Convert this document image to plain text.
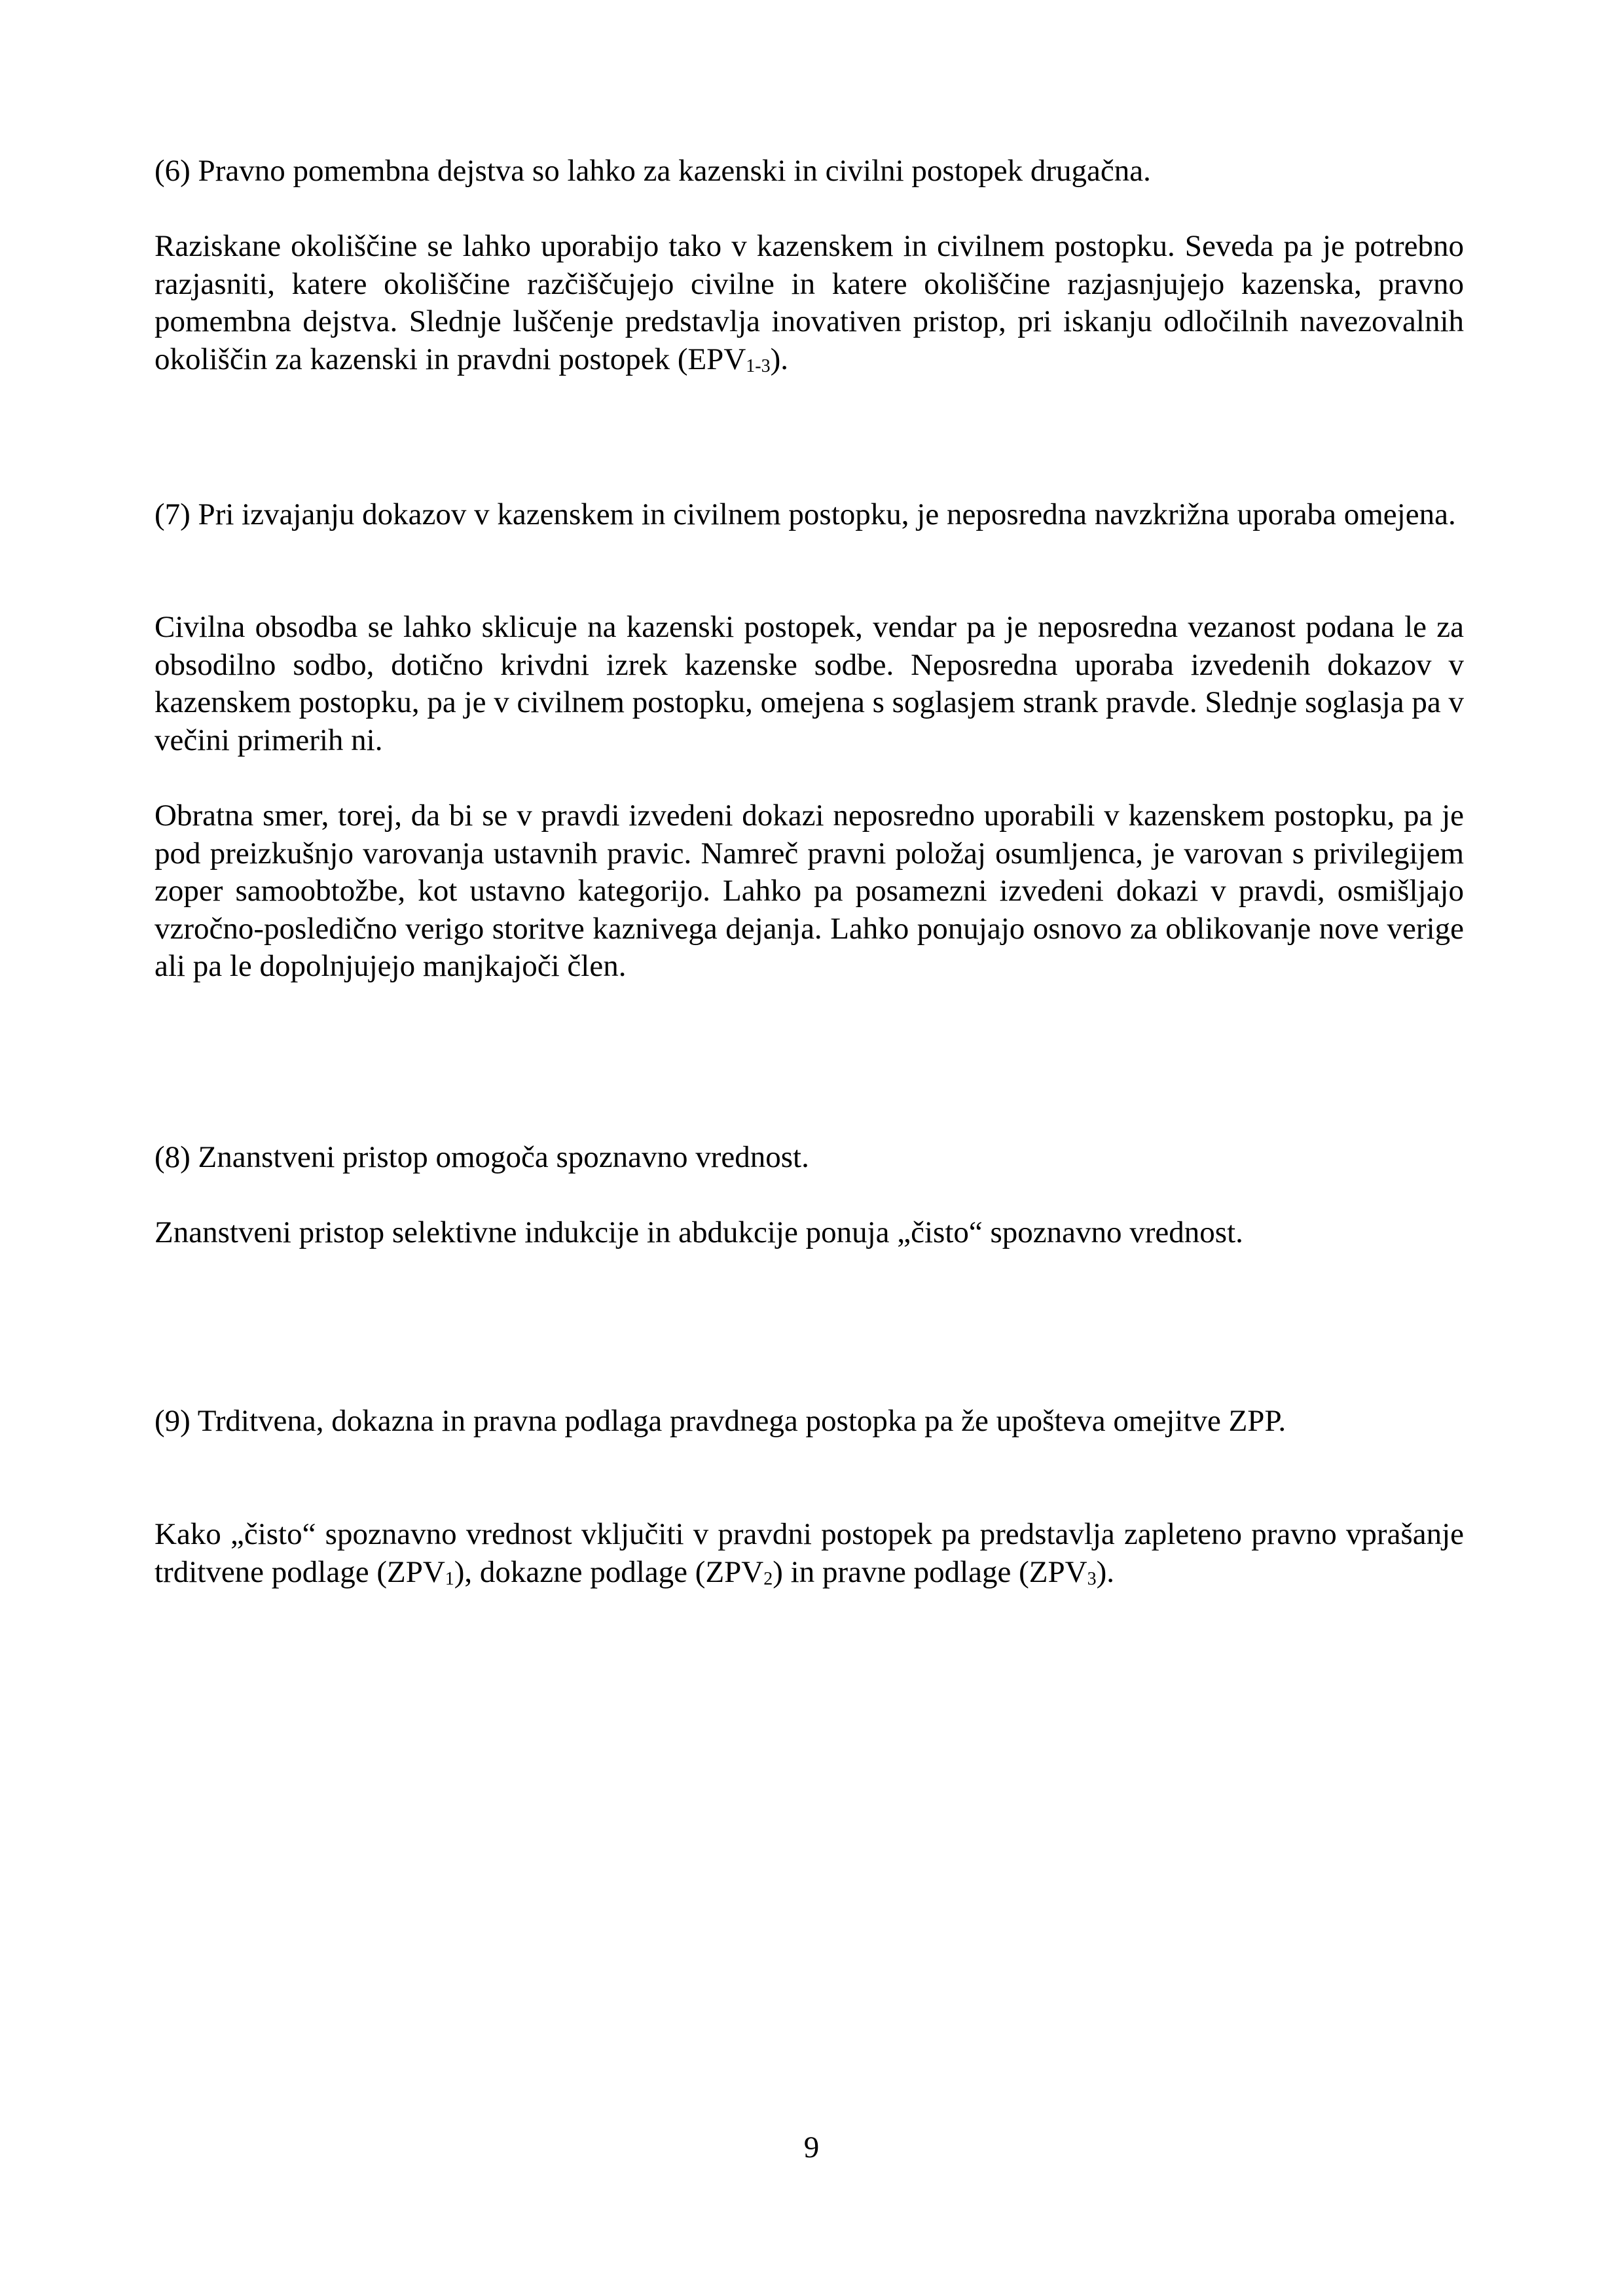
(6) Pravno pomembna dejstva so lahko za kazenski in civilni postopek drugačna.

Raziskane okoliščine se lahko uporabijo tako v kazenskem in civilnem postopku. Seveda pa je potrebno razjasniti, katere okoliščine razčiščujejo civilne in katere okoliščine razjasnjujejo kazenska, pravno pomembna dejstva. Slednje luščenje predstavlja inovativen pristop, pri iskanju odločilnih navezovalnih okoliščin za kazenski in pravdni postopek $(EPV_{1-3})$.

(7) Pri izvajanju dokazov v kazenskem in civilnem postopku, je neposredna navzkrižna uporaba omejena.

Civilna obsodba se lahko sklicuje na kazenski postopek, vendar pa je neposredna vezanost podana le za obsodilno sodbo, dotično krivdni izrek kazenske sodbe. Neposredna uporaba izvedenih dokazov v kazenskem postopku, pa je v civilnem postopku, omejena s soglasjem strank pravde. Slednje soglasja pa v večini primerih ni.

Obratna smer, torej, da bi se v pravdi izvedeni dokazi neposredno uporabili v kazenskem postopku, pa je pod preizkušnjo varovanja ustavnih pravic. Namreč pravni položaj osumljenca, je varovan s privilegijem zoper samoobtožbe, kot ustavno kategorijo. Lahko pa posamezni izvedeni dokazi v pravdi, osmišljajo vzročno-posledično verigo storitve kaznivega dejanja. Lahko ponujajo osnovo za oblikovanje nove verige ali pa le dopolnjujejo manjkajoči člen.

(8) Znanstveni pristop omogoča spoznavno vrednost.

Znanstveni pristop selektivne indukcije in abdukcije ponuja „čisto“ spoznavno vrednost.

(9) Trditvena, dokazna in pravna podlaga pravdnega postopka pa že upošteva omejitve ZPP.

Kako „čisto“ spoznavno vrednost vključiti v pravdni postopek pa predstavlja zapleteno pravno vprašanje trditvene podlage $(ZPV_1)$, dokazne podlage $(ZPV_2)$ in pravne podlage $(ZPV_3)$.

9
